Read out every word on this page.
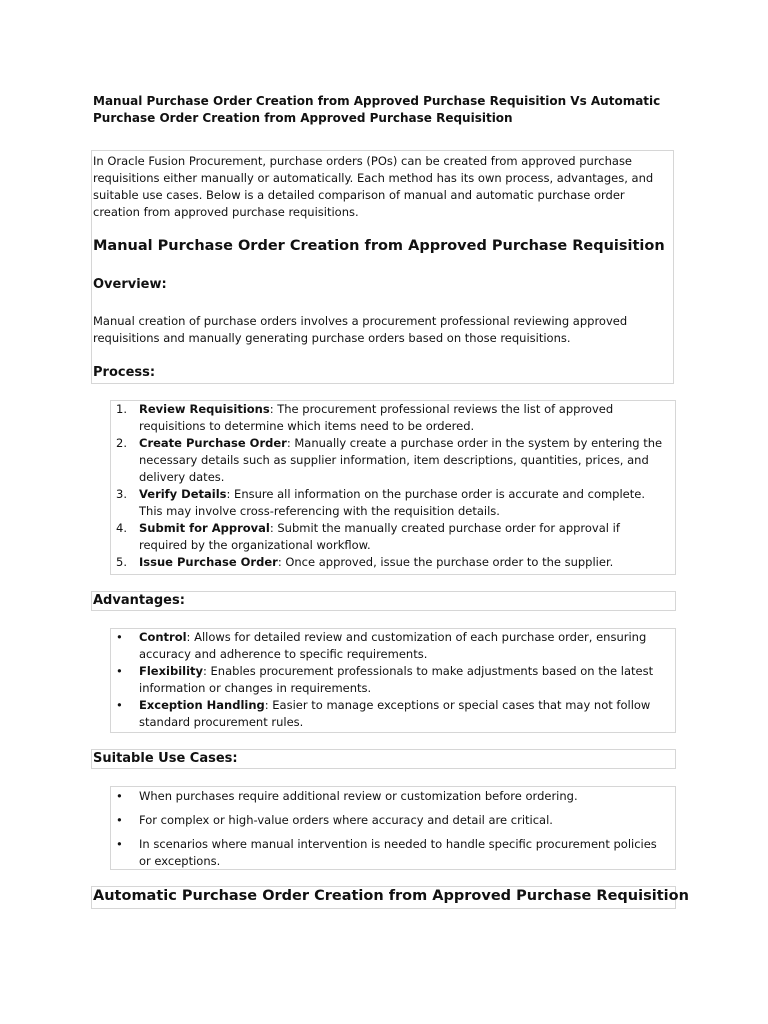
Manual Purchase Order Creation from Approved Purchase Requisition Vs Automatic Purchase Order Creation from Approved Purchase Requisition

In Oracle Fusion Procurement, purchase orders (POs) can be created from approved purchase requisitions either manually or automatically. Each method has its own process, advantages, and suitable use cases. Below is a detailed comparison of manual and automatic purchase order creation from approved purchase requisitions.

Manual Purchase Order Creation from Approved Purchase Requisition
Overview:

Manual creation of purchase orders involves a procurement professional reviewing approved requisitions and manually generating purchase orders based on those requisitions.

Process:
1. Review Requisitions: The procurement professional reviews the list of approved requisitions to determine which items need to be ordered.
2. Create Purchase Order: Manually create a purchase order in the system by entering the necessary details such as supplier information, item descriptions, quantities, prices, and delivery dates.
3. Verify Details: Ensure all information on the purchase order is accurate and complete. This may involve cross-referencing with the requisition details.
4. Submit for Approval: Submit the manually created purchase order for approval if required by the organizational workflow.
5. Issue Purchase Order: Once approved, issue the purchase order to the supplier.
Advantages:
• Control: Allows for detailed review and customization of each purchase order, ensuring accuracy and adherence to specific requirements.
• Flexibility: Enables procurement professionals to make adjustments based on the latest information or changes in requirements.
• Exception Handling: Easier to manage exceptions or special cases that may not follow standard procurement rules.
Suitable Use Cases:
• When purchases require additional review or customization before ordering.
• For complex or high-value orders where accuracy and detail are critical.
• In scenarios where manual intervention is needed to handle specific procurement policies or exceptions.
Automatic Purchase Order Creation from Approved Purchase Requisition
